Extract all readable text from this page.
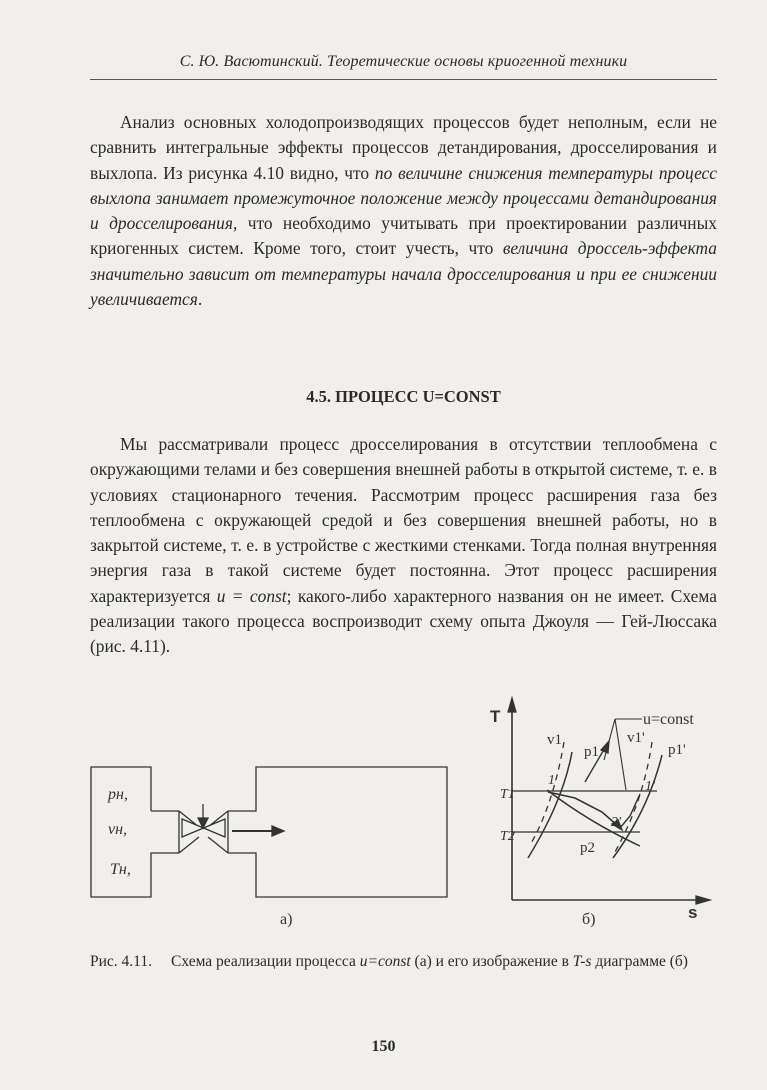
С. Ю. Васютинский. Теоретические основы криогенной техники

Анализ основных холодопроизводящих процессов будет неполным, если не сравнить интегральные эффекты процессов детандирования, дросселирования и выхлопа. Из рисунка 4.10 видно, что по величине снижения температуры процесс выхлопа занимает промежуточное положение между процессами детандирования и дросселирования, что необходимо учитывать при проектировании различных криогенных систем. Кроме того, стоит учесть, что величина дроссель-эффекта значительно зависит от температуры начала дросселирования и при ее снижении увеличивается.

4.5. ПРОЦЕСС U=CONST

Мы рассматривали процесс дросселирования в отсутствии теплообмена с окружающими телами и без совершения внешней работы в открытой системе, т. е. в условиях стационарного течения. Рассмотрим процесс расширения газа без теплообмена с окружающей средой и без совершения внешней работы, но в закрытой системе, т. е. в устройстве с жесткими стенками. Тогда полная внутренняя энергия газа в такой системе будет постоянна. Этот процесс расширения характеризуется u = const; какого-либо характерного названия он не имеет. Схема реализации такого процесса воспроизводит схему опыта Джоуля — Гей-Люссака (рис. 4.11).

pн,
vн,
Tн,
а)
T
s
T1
T2
u=const
v1
p1
v1'
p1'
1	1'
2'
p2
б)
Рис. 4.11.	Схема реализации процесса u=const (а) и его изображение в T-s диаграмме (б)
150
